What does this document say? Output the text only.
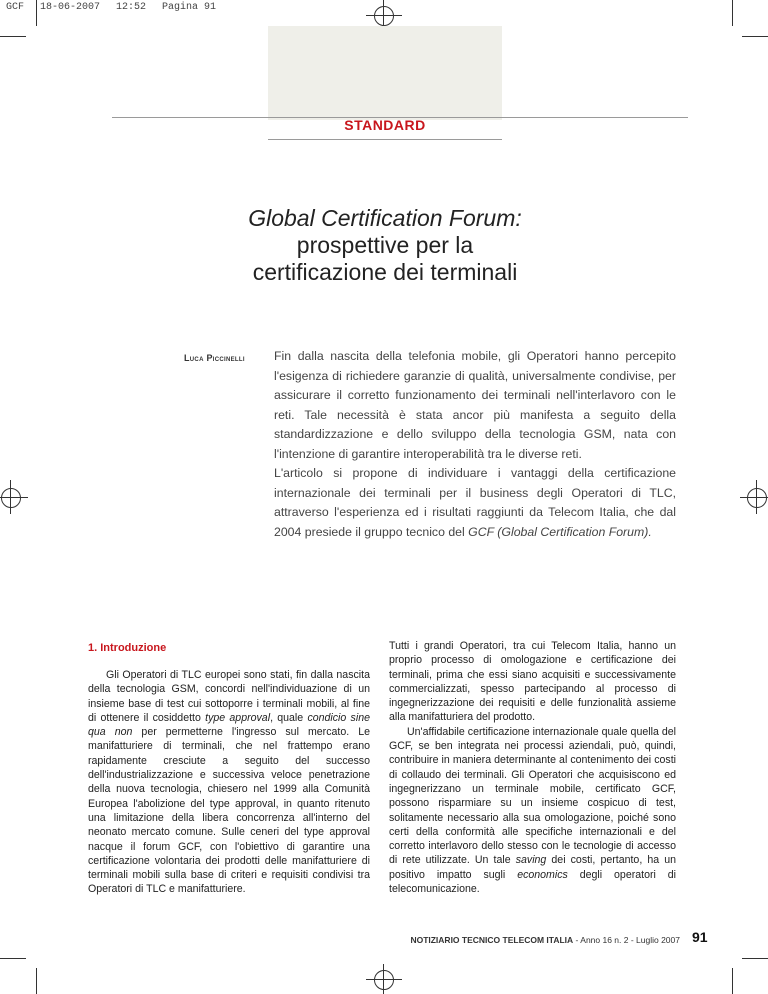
GCF 18-06-2007 12:52 Pagina 91
STANDARD
Global Certification Forum:
prospettive per la
certificazione dei terminali
Luca Piccinelli Fin dalla nascita della telefonia mobile, gli Operatori hanno percepito l'esigenza di richiedere garanzie di qualità, universalmente condivise, per assicurare il corretto funzionamento dei terminali nell'interlavoro con le reti. Tale necessità è stata ancor più manifesta a seguito della standardizzazione e dello sviluppo della tecnologia GSM, nata con l'intenzione di garantire interoperabilità tra le diverse reti.

L'articolo si propone di individuare i vantaggi della certificazione internazionale dei terminali per il business degli Operatori di TLC, attraverso l'esperienza ed i risultati raggiunti da Telecom Italia, che dal 2004 presiede il gruppo tecnico del GCF (Global Certification Forum).

1. Introduzione

Gli Operatori di TLC europei sono stati, fin dalla nascita della tecnologia GSM, concordi nell'individuazione di un insieme base di test cui sottoporre i terminali mobili, al fine di ottenere il cosiddetto type approval, quale condicio sine qua non per permetterne l'ingresso sul mercato. Le manifatturiere di terminali, che nel frattempo erano rapidamente cresciute a seguito del successo dell'industrializzazione e successiva veloce penetrazione della nuova tecnologia, chiesero nel 1999 alla Comunità Europea l'abolizione del type approval, in quanto ritenuto una limitazione della libera concorrenza all'interno del neonato mercato comune. Sulle ceneri del type approval nacque il forum GCF, con l'obiettivo di garantire una certificazione volontaria dei prodotti delle manifatturiere di terminali mobili sulla base di criteri e requisiti condivisi tra Operatori di TLC e manifatturiere.

Tutti i grandi Operatori, tra cui Telecom Italia, hanno un proprio processo di omologazione e certificazione dei terminali, prima che essi siano acquisiti e successivamente commercializzati, spesso partecipando al processo di ingegnerizzazione dei requisiti e delle funzionalità assieme alla manifatturiera del prodotto.

Un'affidabile certificazione internazionale quale quella del GCF, se ben integrata nei processi aziendali, può, quindi, contribuire in maniera determinante al contenimento dei costi di collaudo dei terminali. Gli Operatori che acquisiscono ed ingegnerizzano un terminale mobile, certificato GCF, possono risparmiare su un insieme cospicuo di test, solitamente necessario alla sua omologazione, poiché sono certi della conformità alle specifiche internazionali e del corretto interlavoro dello stesso con le tecnologie di accesso di rete utilizzate. Un tale saving dei costi, pertanto, ha un positivo impatto sugli economics degli operatori di telecomunicazione.

NOTIZIARIO TECNICO TELECOM ITALIA - Anno 16 n. 2 - Luglio 2007 91
